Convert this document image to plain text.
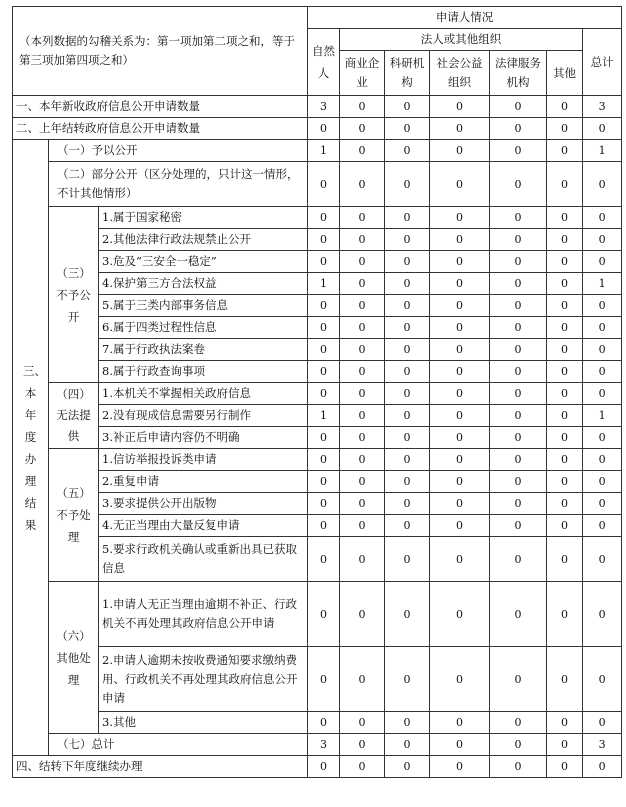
（本列数据的勾稽关系为：第一项加第二项之和，等于第三项加第四项之和）			申请人情况						
			自然人	法人或其他组织					总计
				商业企业	科研机构	社会公益组织	法律服务机构	其他	
一、本年新收政府信息公开申请数量			3	0	0	0	0	0	3
二、上年结转政府信息公开申请数量			0	0	0	0	0	0	0
三、本年度办理结果	（一）予以公开		1	0	0	0	0	0	1
	（二）部分公开（区分处理的，只计这一情形，不计其他情形）		0	0	0	0	0	0	0
	（三）不予公开	1.属于国家秘密	0	0	0	0	0	0	0
		2.其他法律行政法规禁止公开	0	0	0	0	0	0	0
		3.危及“三安全一稳定”	0	0	0	0	0	0	0
		4.保护第三方合法权益	1	0	0	0	0	0	1
		5.属于三类内部事务信息	0	0	0	0	0	0	0
		6.属于四类过程性信息	0	0	0	0	0	0	0
		7.属于行政执法案卷	0	0	0	0	0	0	0
		8.属于行政查询事项	0	0	0	0	0	0	0
	（四）无法提供	1.本机关不掌握相关政府信息	0	0	0	0	0	0	0
		2.没有现成信息需要另行制作	1	0	0	0	0	0	1
		3.补正后申请内容仍不明确	0	0	0	0	0	0	0
	（五）不予处理	1.信访举报投诉类申请	0	0	0	0	0	0	0
		2.重复申请	0	0	0	0	0	0	0
		3.要求提供公开出版物	0	0	0	0	0	0	0
		4.无正当理由大量反复申请	0	0	0	0	0	0	0
		5.要求行政机关确认或重新出具已获取信息	0	0	0	0	0	0	0
	（六）其他处理	1.申请人无正当理由逾期不补正、行政机关不再处理其政府信息公开申请	0	0	0	0	0	0	0
		2.申请人逾期未按收费通知要求缴纳费用、行政机关不再处理其政府信息公开申请	0	0	0	0	0	0	0
		3.其他	0	0	0	0	0	0	0
	（七）总计		3	0	0	0	0	0	3
四、结转下年度继续办理			0	0	0	0	0	0	0
